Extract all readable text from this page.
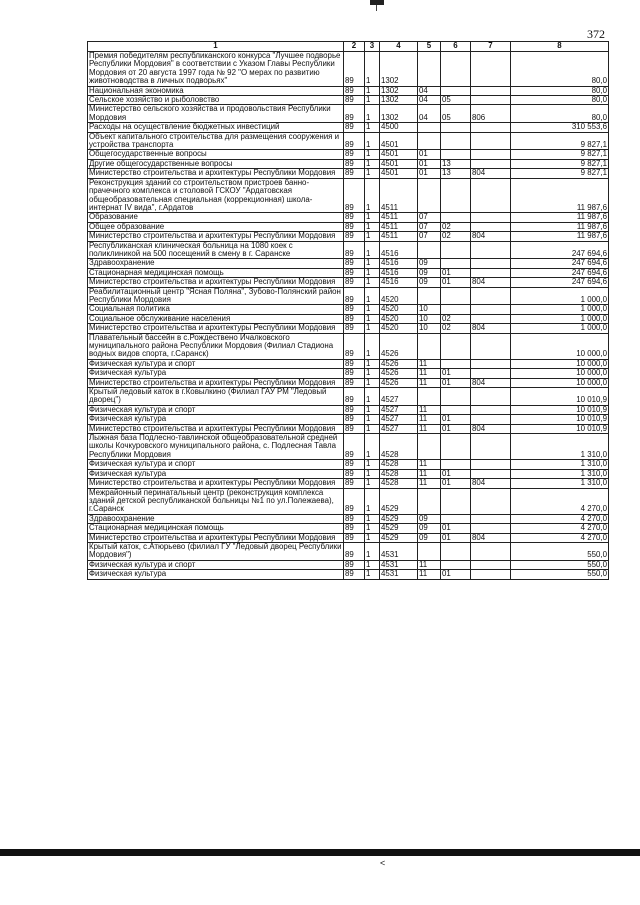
372
1	2	3	4	5	6	7	8
Премия победителям республиканского конкурса "Лучшее подворье Республики Мордовия" в соответствии с Указом Главы Республики Мордовия от 20 августа 1997 года № 92 "О мерах по развитию животноводства в личных подворьях"	89	1	1302				80,0
Национальная экономика	89	1	1302	04			80,0
Сельское хозяйство и рыболовство	89	1	1302	04	05		80,0
Министерство сельского хозяйства и продовольствия Республики Мордовия	89	1	1302	04	05	806	80,0
Расходы на осуществление бюджетных инвестиций	89	1	4500				310 553,6
Объект капитального строительства для размещения сооружения и устройства транспорта	89	1	4501				9 827,1
Общегосударственные вопросы	89	1	4501	01			9 827,1
Другие общегосударственные вопросы	89	1	4501	01	13		9 827,1
Министерство строительства и архитектуры Республики Мордовия	89	1	4501	01	13	804	9 827,1
Реконструкция зданий со строительством пристроев банно-прачечного комплекса и столовой ГСКОУ "Ардатовская общеобразовательная специальная (коррекционная) школа-интернат IV вида", г.Ардатов	89	1	4511				11 987,6
Образование	89	1	4511	07			11 987,6
Общее образование	89	1	4511	07	02		11 987,6
Министерство строительства и архитектуры Республики Мордовия	89	1	4511	07	02	804	11 987,6
Республиканская клиническая больница на 1080 коек с поликлиникой на 500 посещений в смену в г. Саранске	89	1	4516				247 694,6
Здравоохранение	89	1	4516	09			247 694,6
Стационарная медицинская помощь	89	1	4516	09	01		247 694,6
Министерство строительства и архитектуры Республики Мордовия	89	1	4516	09	01	804	247 694,6
Реабилитационный центр "Ясная Поляна", Зубово-Полянский район Республики Мордовия	89	1	4520				1 000,0
Социальная политика	89	1	4520	10			1 000,0
Социальное обслуживание населения	89	1	4520	10	02		1 000,0
Министерство строительства и архитектуры Республики Мордовия	89	1	4520	10	02	804	1 000,0
Плавательный бассейн в с.Рождествено Ичалковского муниципального района Республики Мордовия (Филиал Стадиона водных видов спорта, г.Саранск)	89	1	4526				10 000,0
Физическая культура и спорт	89	1	4526	11			10 000,0
Физическая культура	89	1	4526	11	01		10 000,0
Министерство строительства и архитектуры Республики Мордовия	89	1	4526	11	01	804	10 000,0
Крытый ледовый каток в г.Ковылкино (Филиал ГАУ РМ "Ледовый дворец")	89	1	4527				10 010,9
Физическая культура и спорт	89	1	4527	11			10 010,9
Физическая культура	89	1	4527	11	01		10 010,9
Министерство строительства и архитектуры Республики Мордовия	89	1	4527	11	01	804	10 010,9
Лыжная база Подлесно-тавлинской общеобразовательной средней школы Кочкуровского муниципального района, с. Подлесная Тавла Республики Мордовия	89	1	4528				1 310,0
Физическая культура и спорт	89	1	4528	11			1 310,0
Физическая культура	89	1	4528	11	01		1 310,0
Министерство строительства и архитектуры Республики Мордовия	89	1	4528	11	01	804	1 310,0
Межрайонный перинатальный центр (реконструкция комплекса зданий детской республиканской больницы №1 по ул.Полежаева), г.Саранск	89	1	4529				4 270,0
Здравоохранение	89	1	4529	09			4 270,0
Стационарная медицинская помощь	89	1	4529	09	01		4 270,0
Министерство строительства и архитектуры Республики Мордовия	89	1	4529	09	01	804	4 270,0
Крытый каток, с.Атюрьево (филиал ГУ "Ледовый дворец Республики Мордовия")	89	1	4531				550,0
Физическая культура и спорт	89	1	4531	11			550,0
Физическая культура	89	1	4531	11	01		550,0
<
